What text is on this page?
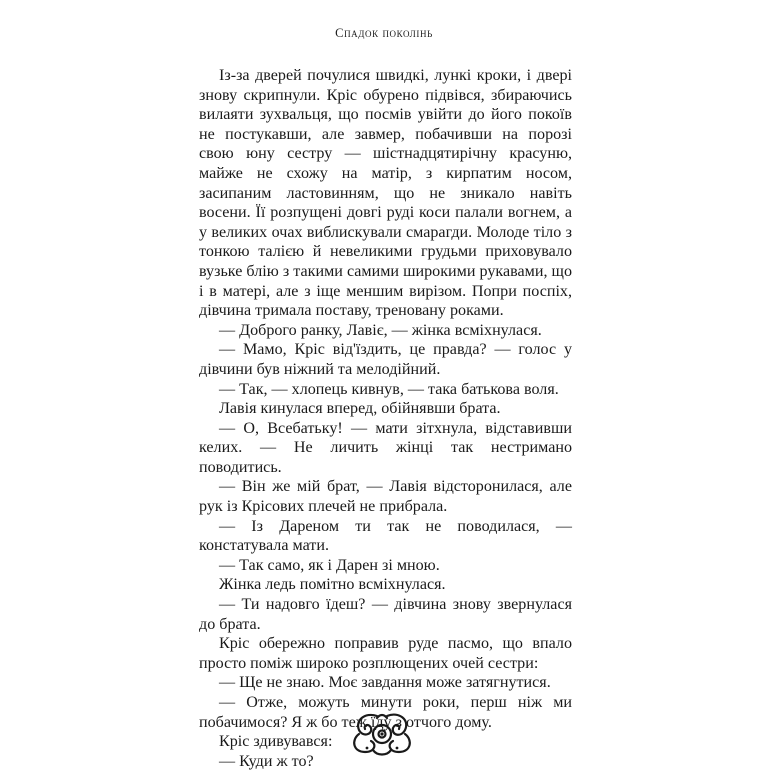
Спадок поколінь

Із-за дверей почулися швидкі, лункі кроки, і двері знову скрипнули. Кріс обурено підвівся, збираючись вилаяти зухвальця, що посмів увійти до його покоїв не постукавши, але завмер, побачивши на порозі свою юну сестру — шістнадцятирічну красуню, майже не схожу на матір, з кирпатим носом, засипаним ластовинням, що не зникало навіть восени. Її розпущені довгі руді коси палали вогнем, а у великих очах виблискували смарагди. Молоде тіло з тонкою талією й невеликими грудьми приховувало вузьке блію з такими самими широкими рукавами, що і в матері, але з іще меншим вирізом. Попри поспіх, дівчина тримала поставу, треновану роками.

— Доброго ранку, Лавіє, — жінка всміхнулася.

— Мамо, Кріс від'їздить, це правда? — голос у дівчини був ніжний та мелодійний.

— Так, — хлопець кивнув, — така батькова воля.

Лавія кинулася вперед, обійнявши брата.

— О, Всебатьку! — мати зітхнула, відставивши келих. — Не личить жінці так нестримано поводитись.

— Він же мій брат, — Лавія відсторонилася, але рук із Крісових плечей не прибрала.

— Із Дареном ти так не поводилася, — констатувала мати.

— Так само, як і Дарен зі мною.

Жінка ледь помітно всміхнулася.

— Ти надовго їдеш? — дівчина знову звернулася до брата.

Кріс обережно поправив руде пасмо, що впало просто поміж широко розплющених очей сестри:

— Ще не знаю. Моє завдання може затягнутися.

— Отже, можуть минути роки, перш ніж ми побачимося? Я ж бо теж їду з отчого дому.

Кріс здивувався:

— Куди ж то?
